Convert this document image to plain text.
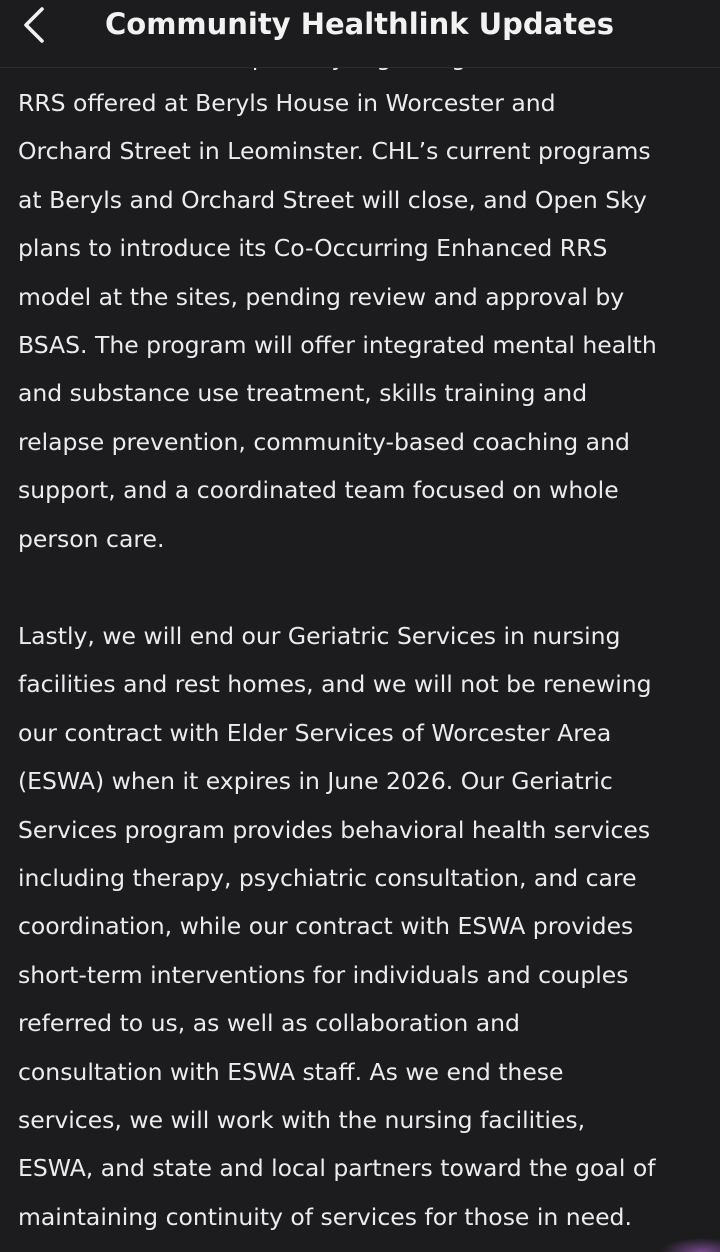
RRS offered at Beryls House in Worcester and
Orchard Street in Leominster. CHL’s current programs
at Beryls and Orchard Street will close, and Open Sky
plans to introduce its Co-Occurring Enhanced RRS
model at the sites, pending review and approval by
BSAS. The program will offer integrated mental health
and substance use treatment, skills training and
relapse prevention, community-based coaching and
support, and a coordinated team focused on whole
person care.

Lastly, we will end our Geriatric Services in nursing
facilities and rest homes, and we will not be renewing
our contract with Elder Services of Worcester Area
(ESWA) when it expires in June 2026. Our Geriatric
Services program provides behavioral health services
including therapy, psychiatric consultation, and care
coordination, while our contract with ESWA provides
short-term interventions for individuals and couples
referred to us, as well as collaboration and
consultation with ESWA staff. As we end these
services, we will work with the nursing facilities,
ESWA, and state and local partners toward the goal of
maintaining continuity of services for those in need.

Community Healthlink Updates
